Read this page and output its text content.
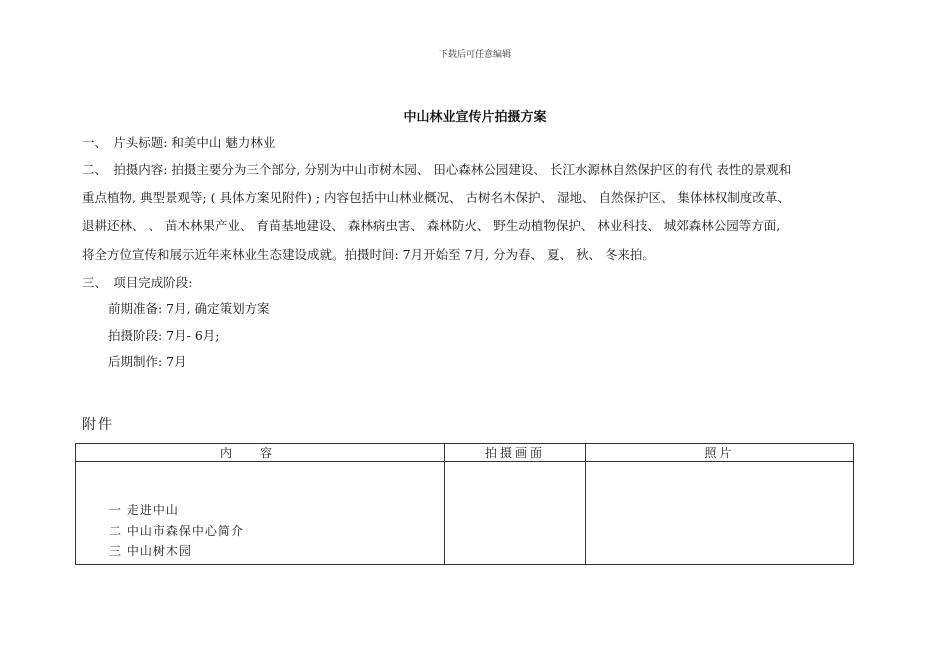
下载后可任意编辑
中山林业宣传片拍摄方案
一、　片头标题: 和美中山 魅力林业
二、　拍摄内容: 拍摄主要分为三个部分, 分别为中山市树木园、 田心森林公园建设、 长江水源林自然保护区的有代 表性的景观和
重点植物, 典型景观等; ( 具体方案见附件) ; 内容包括中山林业概况、 古树名木保护、 湿地、 自然保护区、 集体林权制度改革、
退耕还林、 、 苗木林果产业、 育苗基地建设、 森林病虫害、 森林防火、 野生动植物保护、 林业科技、 城郊森林公园等方面,
将全方位宣传和展示近年来林业生态建设成就。拍摄时间: 7月开始至 7月, 分为春、 夏、 秋、 冬来拍。
三、　项目完成阶段:
前期准备: 7月, 确定策划方案
拍摄阶段: 7月- 6月;
后期制作: 7月
附件
内容	拍摄画面	照片

一 走进中山
二 中山市森保中心简介
三 中山树木园		
